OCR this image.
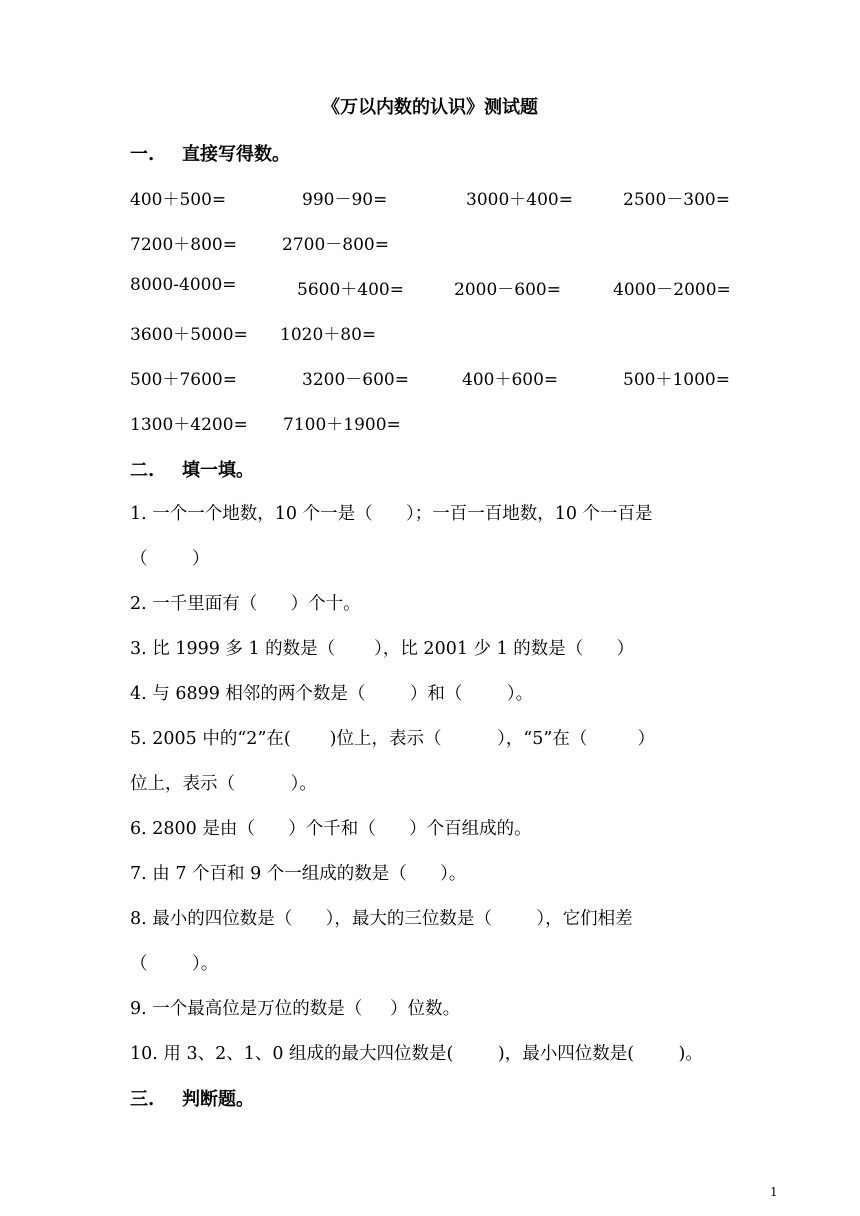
《万以内数的认识》测试题
一. 直接写得数。
400＋500=	990－90=	3000＋400=	2500－300=
7200＋800=	2700－800=
8000-4000=	5600＋400=	2000－600=	4000－2000=
3600＋5000= 1020＋80=
500＋7600=	3200－600=	400＋600=	500＋1000=
1300＋4200= 7100＋1900=
二. 填一填。
1. 一个一个地数，10 个一是（      ）；一百一百地数，10 个一百是
（        ）
2. 一千里面有（      ）个十。
3. 比 1999 多 1 的数是（       ），比 2001 少 1 的数是（      ）
4. 与 6899 相邻的两个数是（        ）和（        ）。
5. 2005 中的“2”在(       )位上，表示（          ），“5”在（         ）
位上，表示（          ）。
6. 2800 是由（      ）个千和（      ）个百组成的。
7. 由 7 个百和 9 个一组成的数是（      ）。
8. 最小的四位数是（      ），最大的三位数是（        ），它们相差
（        ）。
9. 一个最高位是万位的数是（     ）位数。
10. 用 3、2、1、0 组成的最大四位数是(        )，最小四位数是(        )。
三. 判断题。
1
